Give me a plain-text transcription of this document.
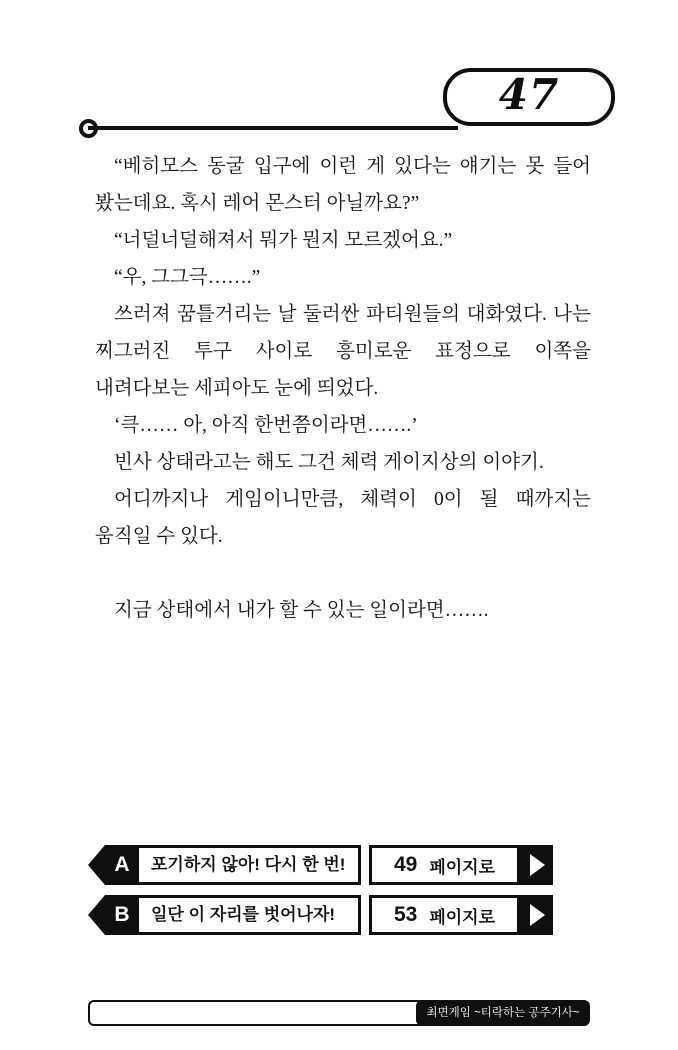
47

“베히모스 동굴 입구에 이런 게 있다는 얘기는 못 들어 봤는데요. 혹시 레어 몬스터 아닐까요?”

“너덜너덜해져서 뭐가 뭔지 모르겠어요.”

“우, 그그극…….”

쓰러져 꿈틀거리는 날 둘러싼 파티원들의 대화였다. 나는 찌그러진 투구 사이로 흥미로운 표정으로 이쪽을 내려다보는 세피아도 눈에 띄었다.

‘큭…… 아, 아직 한번쯤이라면…….’

빈사 상태라고는 해도 그건 체력 게이지상의 이야기.

어디까지나 게임이니만큼, 체력이 0이 될 때까지는 움직일 수 있다.

지금 상태에서 내가 할 수 있는 일이라면…….

A	포기하지 않아! 다시 한 번!	49 페이지로
B	일단 이 자리를 벗어나자!	53 페이지로
최면게임 ~티락하는 공주기사~
